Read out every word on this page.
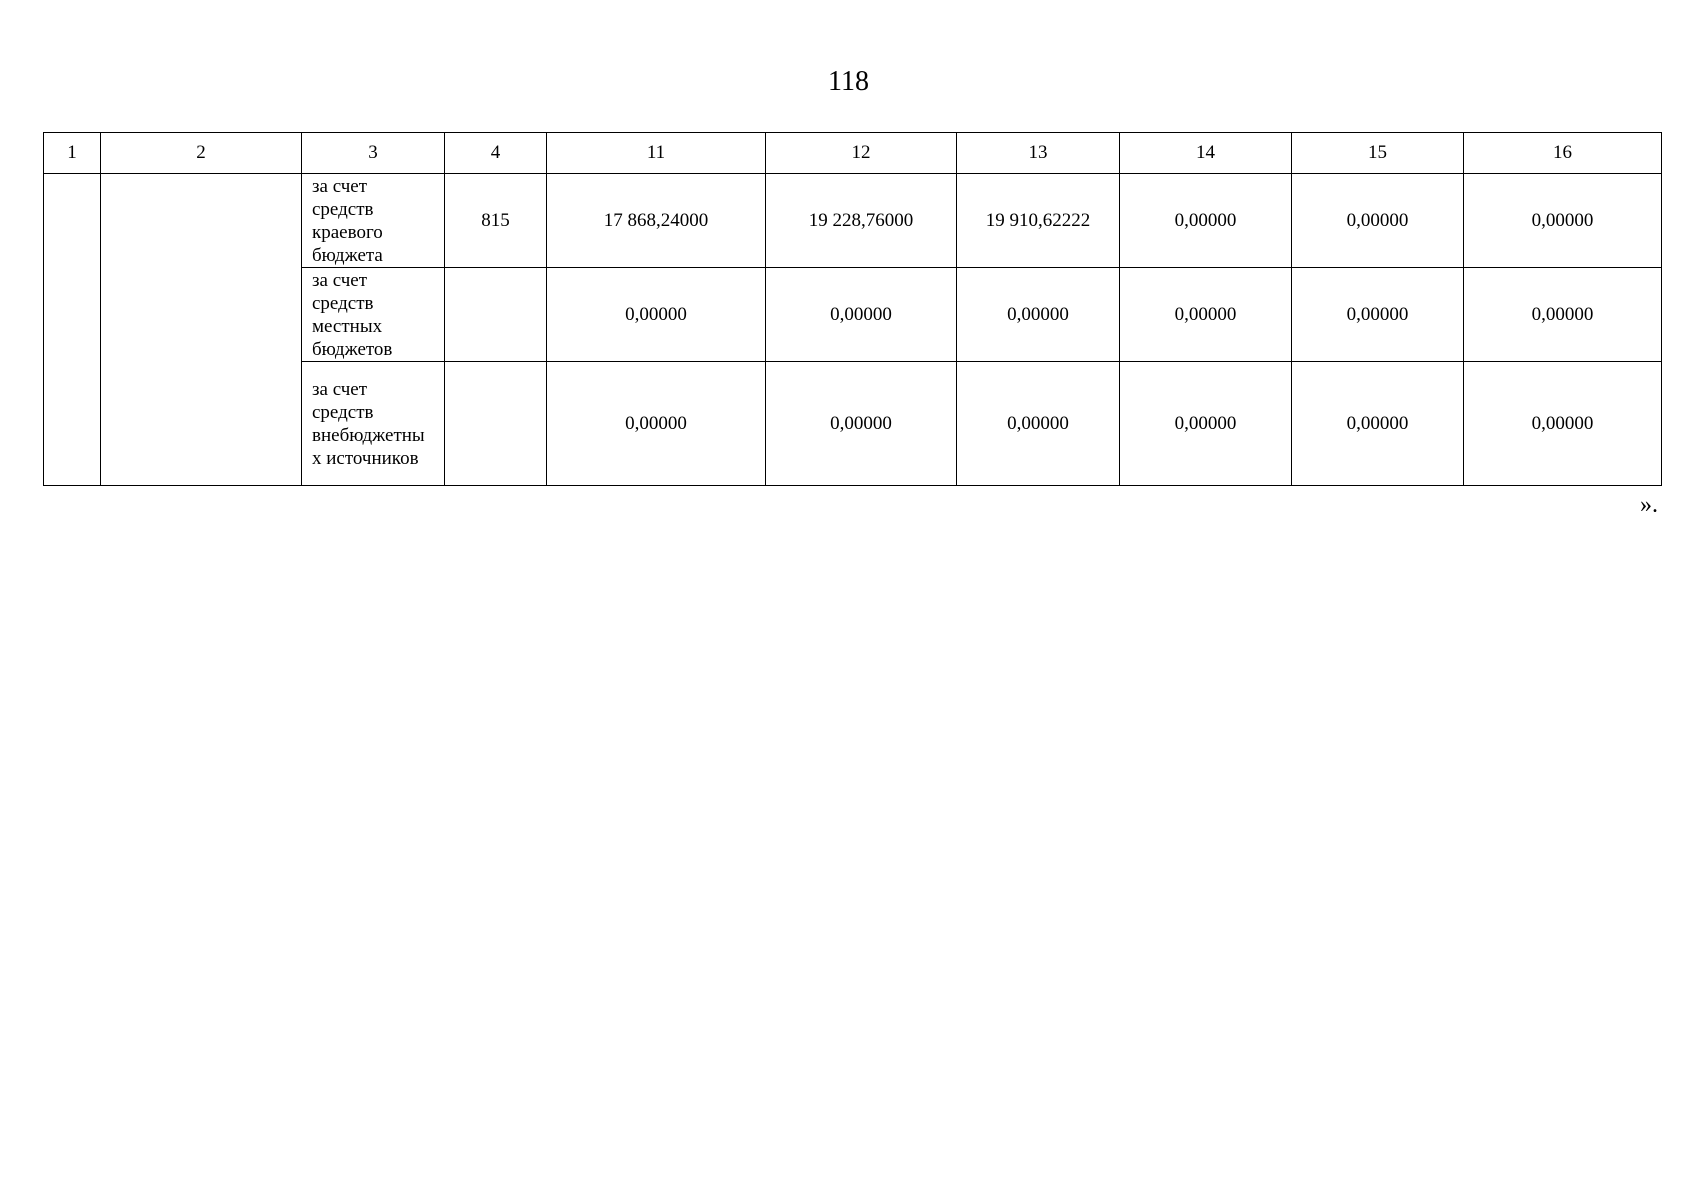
118
1	2	3	4	11	12	13	14	15	16

		за счет
средств
краевого
бюджета	815	17 868,24000	19 228,76000	19 910,62222	0,00000	0,00000	0,00000

		за счет
средств
местных
бюджетов		0,00000	0,00000	0,00000	0,00000	0,00000	0,00000

		за счет
средств
внебюджетны
х источников		0,00000	0,00000	0,00000	0,00000	0,00000	0,00000
».
